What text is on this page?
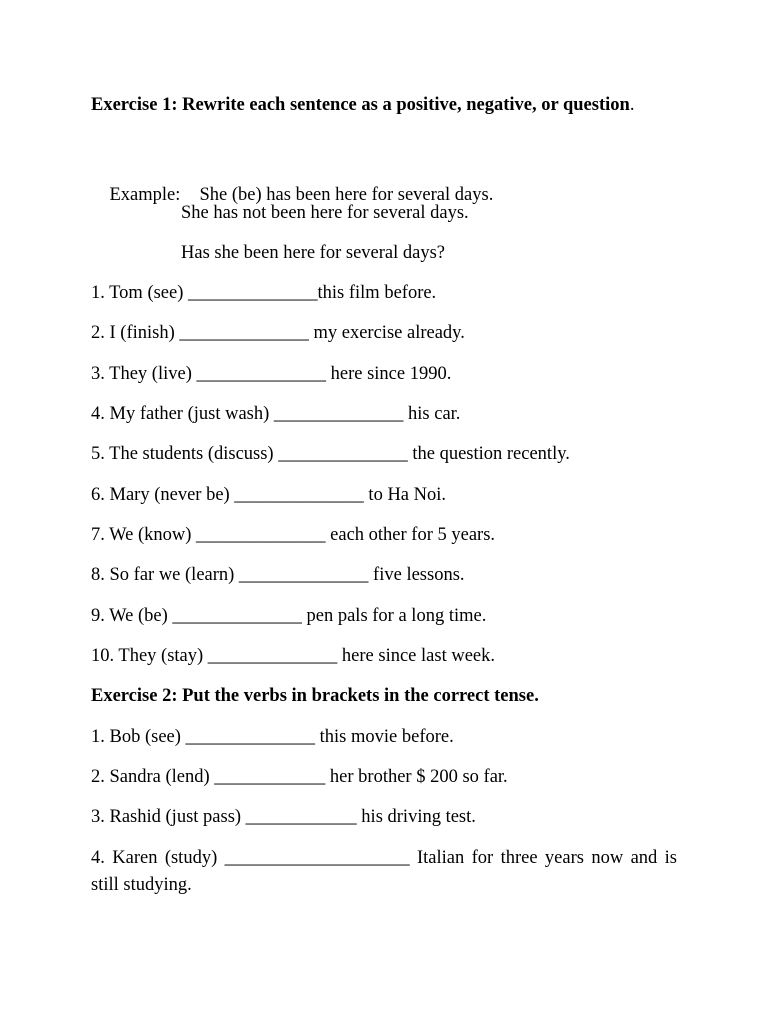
Exercise 1: Rewrite each sentence as a positive, negative, or question.

Example: She (be) has been here for several days.

She has not been here for several days.
Has she been here for several days?
1. Tom (see) ______________this film before.
2. I (finish) ______________ my exercise already.
3. They (live) ______________ here since 1990.
4. My father (just wash) ______________ his car.
5. The students (discuss) ______________ the question recently.
6. Mary (never be) ______________ to Ha Noi.
7. We (know) ______________ each other for 5 years.
8. So far we (learn) ______________ five lessons.
9. We (be) ______________ pen pals for a long time.
10. They (stay) ______________ here since last week.
Exercise 2: Put the verbs in brackets in the correct tense.
1. Bob (see) ______________ this movie before.
2. Sandra (lend) ____________ her brother $ 200 so far.
3. Rashid (just pass) ____________ his driving test.
4. Karen (study) ____________________ Italian for three years now and is still studying.
